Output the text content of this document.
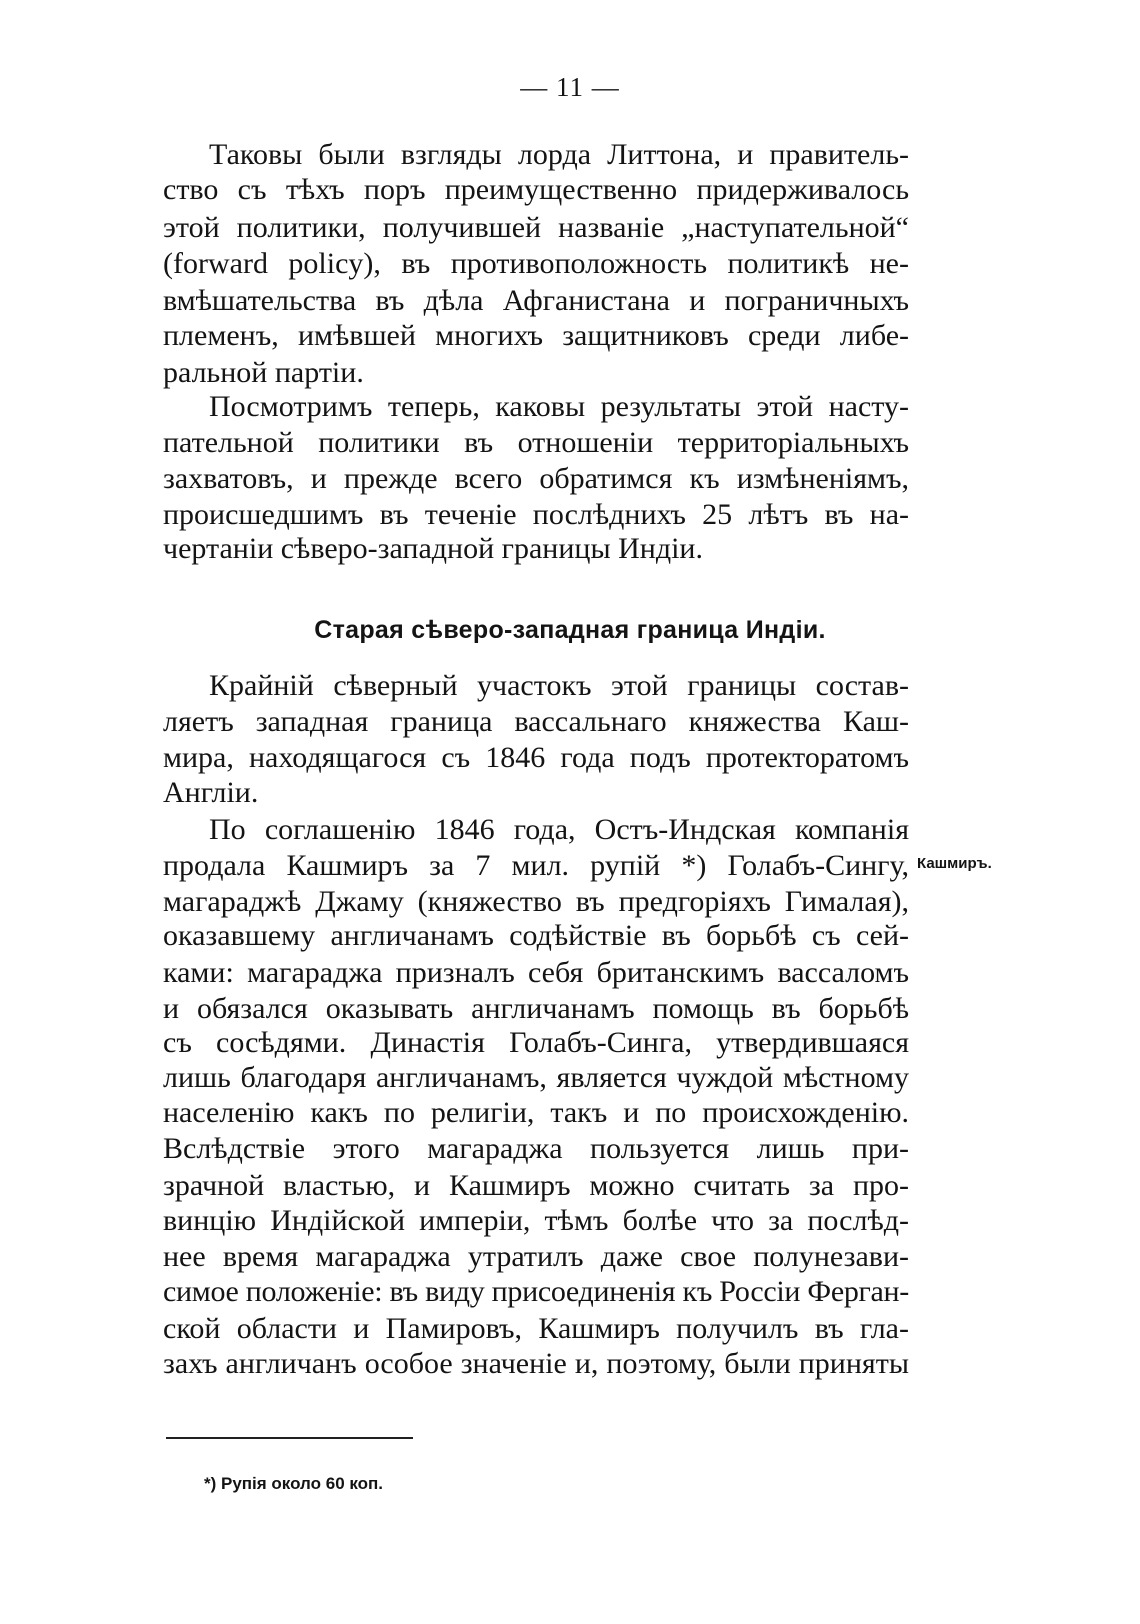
— 11 —
Таковы были взгляды лорда Литтона, и правитель-
ство съ тѣхъ поръ преимущественно придерживалось
этой политики, получившей названіе „наступательной“
(forward policy), въ противоположность политикѣ не-
вмѣшательства въ дѣла Афганистана и пограничныхъ
племенъ, имѣвшей многихъ защитниковъ среди либе-
ральной партіи.
Посмотримъ теперь, каковы результаты этой насту-
пательной политики въ отношеніи территоріальныхъ
захватовъ, и прежде всего обратимся къ измѣненіямъ,
происшедшимъ въ теченіе послѣднихъ 25 лѣтъ въ на-
чертаніи сѣверо-западной границы Индіи.
Старая сѣверо-западная граница Индіи.
Крайній сѣверный участокъ этой границы состав-
ляетъ западная граница вассальнаго княжества Каш-
мира, находящагося съ 1846 года подъ протекторатомъ
Англіи.
По соглашенію 1846 года, Остъ-Индская компанія
продала Кашмиръ за 7 мил. рупій *) Голабъ-Сингу,
магараджѣ Джаму (княжество въ предгоріяхъ Гималая),
оказавшему англичанамъ содѣйствіе въ борьбѣ съ сей-
ками: магараджа призналъ себя британскимъ вассаломъ
и обязался оказывать англичанамъ помощь въ борьбѣ
съ сосѣдями. Династія Голабъ-Синга, утвердившаяся
лишь благодаря англичанамъ, является чуждой мѣстному
населенію какъ по религіи, такъ и по происхожденію.
Вслѣдствіе этого магараджа пользуется лишь при-
зрачной властью, и Кашмиръ можно считать за про-
винцію Индійской имперіи, тѣмъ болѣе что за послѣд-
нее время магараджа утратилъ даже свое полунезави-
симое положеніе: въ виду присоединенія къ Россіи Ферган-
ской области и Памировъ, Кашмиръ получилъ въ гла-
захъ англичанъ особое значеніе и, поэтому, были приняты
Кашмиръ.
*) Рупія около 60 коп.
